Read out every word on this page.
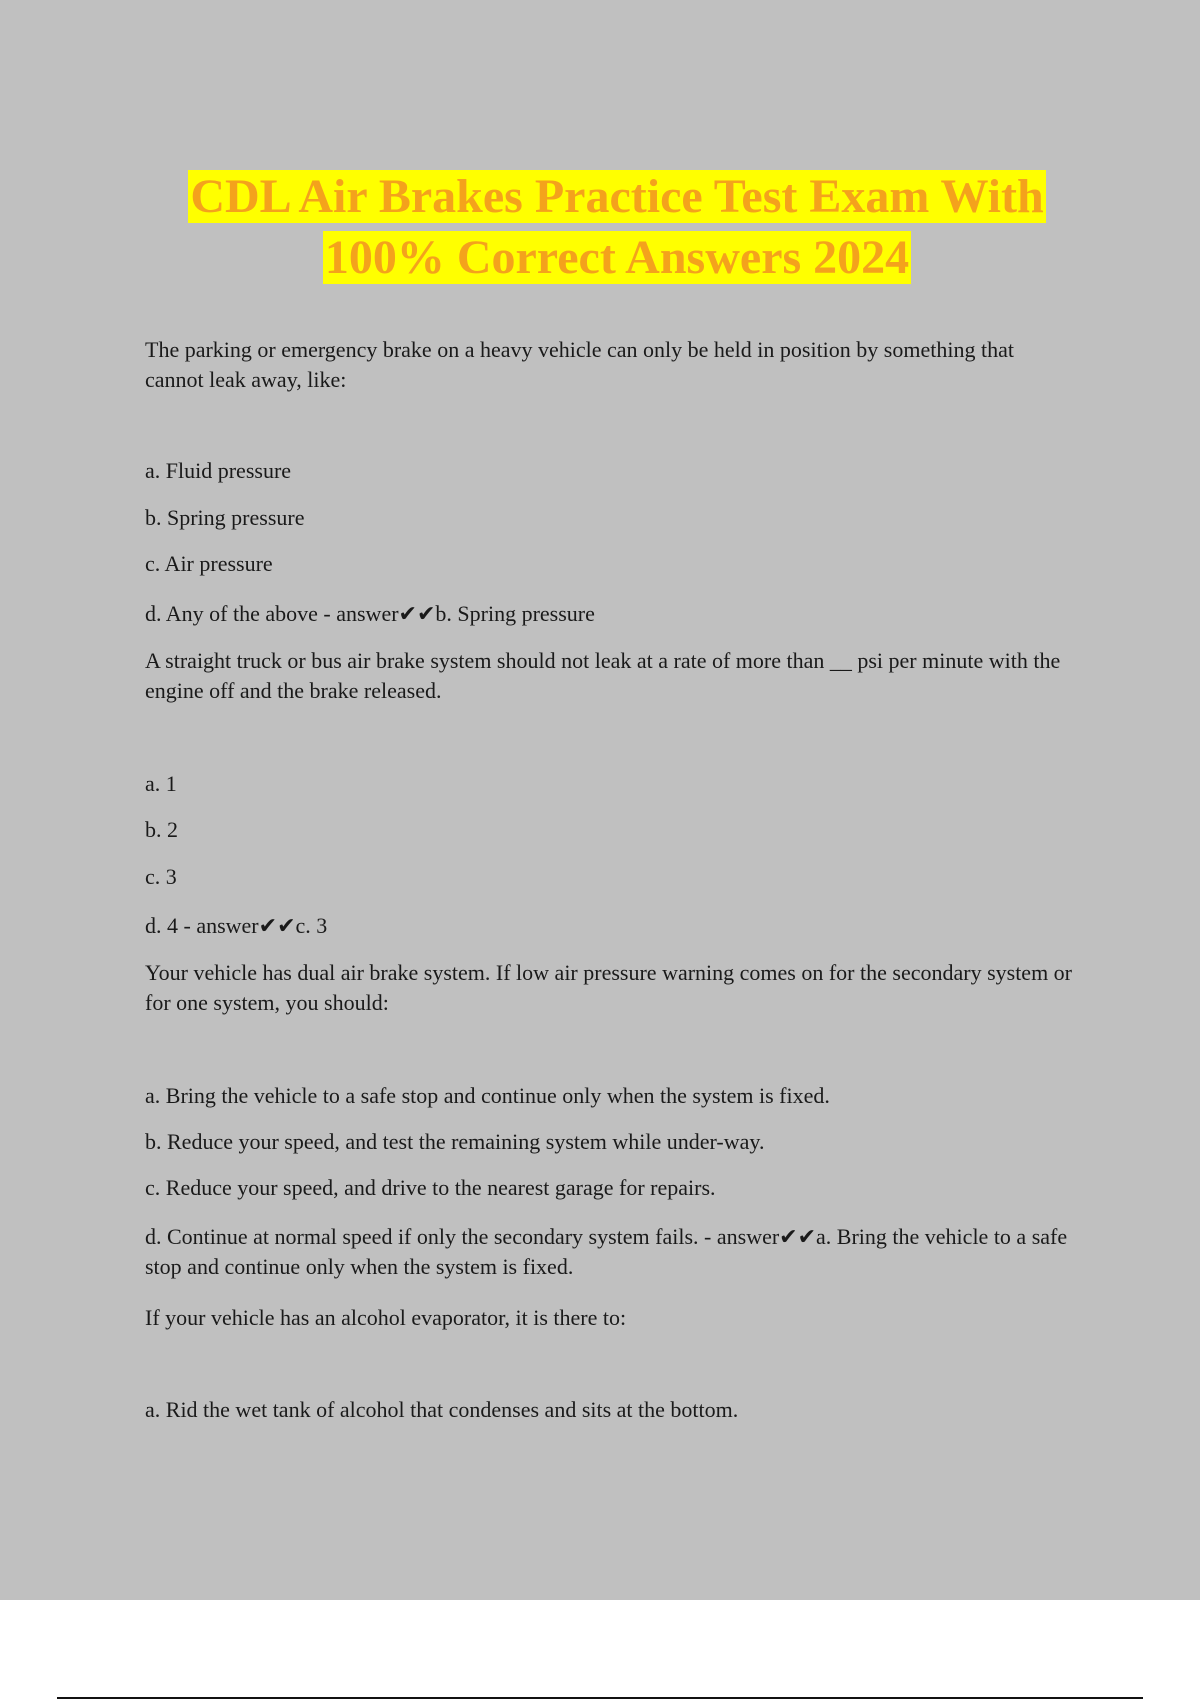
CDL Air Brakes Practice Test Exam With
100% Correct Answers 2024

The parking or emergency brake on a heavy vehicle can only be held in position by something that cannot leak away, like:

a. Fluid pressure

b. Spring pressure

c. Air pressure

d. Any of the above - answer✔✔b. Spring pressure

A straight truck or bus air brake system should not leak at a rate of more than __ psi per minute with the engine off and the brake released.

a. 1

b. 2

c. 3

d. 4 - answer✔✔c. 3

Your vehicle has dual air brake system. If low air pressure warning comes on for the secondary system or for one system, you should:

a. Bring the vehicle to a safe stop and continue only when the system is fixed.

b. Reduce your speed, and test the remaining system while under-way.

c. Reduce your speed, and drive to the nearest garage for repairs.

d. Continue at normal speed if only the secondary system fails. - answer✔✔a. Bring the vehicle to a safe stop and continue only when the system is fixed.

If your vehicle has an alcohol evaporator, it is there to:

a. Rid the wet tank of alcohol that condenses and sits at the bottom.
